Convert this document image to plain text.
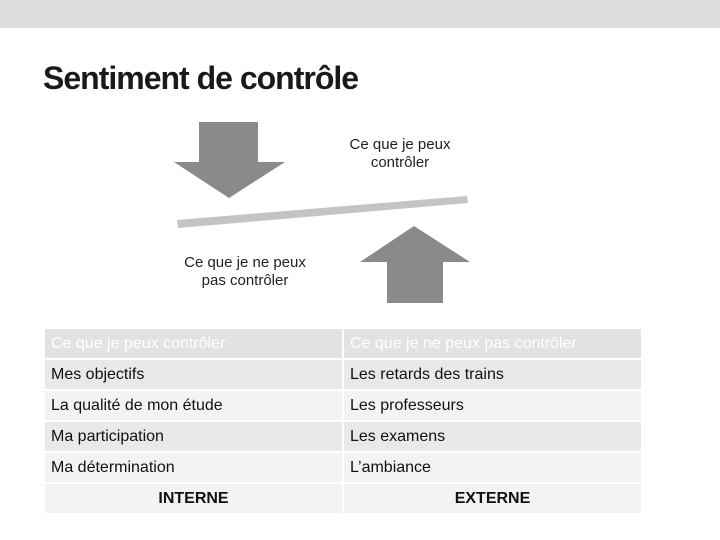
Sentiment de contrôle
Ce que je peux
contrôler
Ce que je ne peux
pas contrôler
Ce que je peux contrôler	Ce que je ne peux pas contrôler
Mes objectifs	Les retards des trains
La qualité de mon étude	Les professeurs
Ma participation	Les examens
Ma détermination	L’ambiance
INTERNE	EXTERNE
